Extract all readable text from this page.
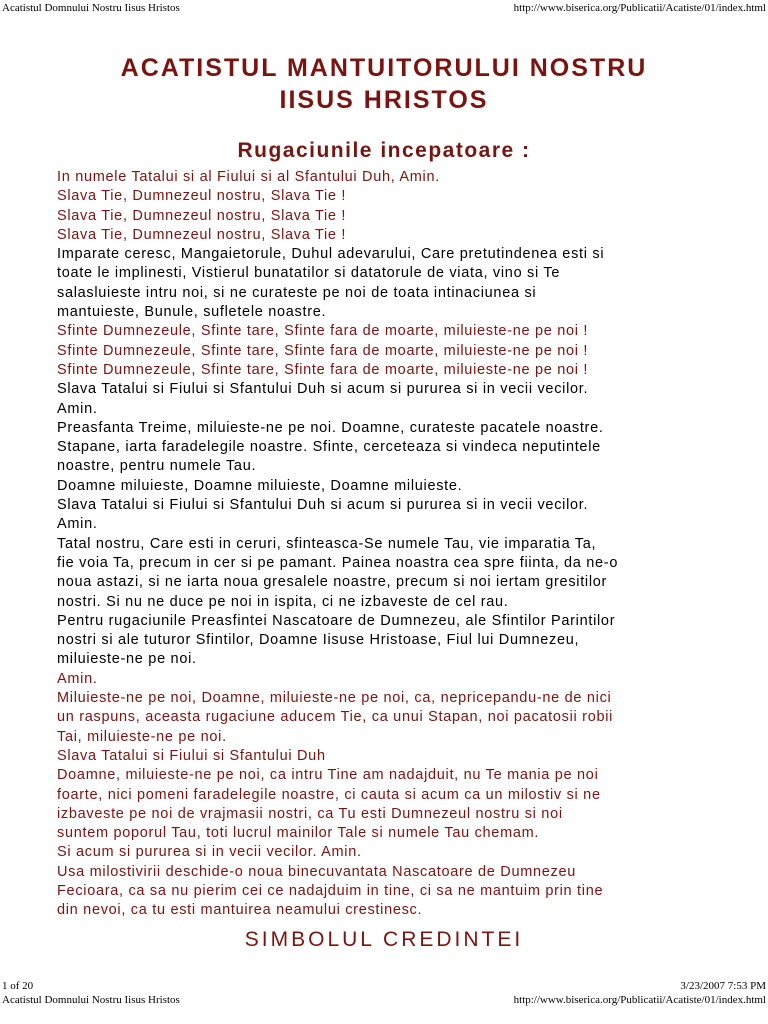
Acatistul Domnului Nostru Iisus Hristos	http://www.biserica.org/Publicatii/Acatiste/01/index.html
ACATISTUL MANTUITORULUI NOSTRU
IISUS HRISTOS
Rugaciunile incepatoare :

In numele Tatalui si al Fiului si al Sfantului Duh, Amin.

Slava Tie, Dumnezeul nostru, Slava Tie !

Slava Tie, Dumnezeul nostru, Slava Tie !

Slava Tie, Dumnezeul nostru, Slava Tie !

Imparate ceresc, Mangaietorule, Duhul adevarului, Care pretutindenea esti si
toate le implinesti, Vistierul bunatatilor si datatorule de viata, vino si Te
salasluieste intru noi, si ne curateste pe noi de toata intinaciunea si
mantuieste, Bunule, sufletele noastre.

Sfinte Dumnezeule, Sfinte tare, Sfinte fara de moarte, miluieste-ne pe noi !

Sfinte Dumnezeule, Sfinte tare, Sfinte fara de moarte, miluieste-ne pe noi !

Sfinte Dumnezeule, Sfinte tare, Sfinte fara de moarte, miluieste-ne pe noi !

Slava Tatalui si Fiului si Sfantului Duh si acum si pururea si in vecii vecilor.
Amin.

Preasfanta Treime, miluieste-ne pe noi. Doamne, curateste pacatele noastre.
Stapane, iarta faradelegile noastre. Sfinte, cerceteaza si vindeca neputintele
noastre, pentru numele Tau.

Doamne miluieste, Doamne miluieste, Doamne miluieste.

Slava Tatalui si Fiului si Sfantului Duh si acum si pururea si in vecii vecilor.
Amin.

Tatal nostru, Care esti in ceruri, sfinteasca-Se numele Tau, vie imparatia Ta,
fie voia Ta, precum in cer si pe pamant. Painea noastra cea spre fiinta, da ne-o
noua astazi, si ne iarta noua gresalele noastre, precum si noi iertam gresitilor
nostri. Si nu ne duce pe noi in ispita, ci ne izbaveste de cel rau.

Pentru rugaciunile Preasfintei Nascatoare de Dumnezeu, ale Sfintilor Parintilor
nostri si ale tuturor Sfintilor, Doamne Iisuse Hristoase, Fiul lui Dumnezeu,
miluieste-ne pe noi.

Amin.

Miluieste-ne pe noi, Doamne, miluieste-ne pe noi, ca, nepricepandu-ne de nici
un raspuns, aceasta rugaciune aducem Tie, ca unui Stapan, noi pacatosii robii
Tai, miluieste-ne pe noi.

Slava Tatalui si Fiului si Sfantului Duh

Doamne, miluieste-ne pe noi, ca intru Tine am nadajduit, nu Te mania pe noi
foarte, nici pomeni faradelegile noastre, ci cauta si acum ca un milostiv si ne
izbaveste pe noi de vrajmasii nostri, ca Tu esti Dumnezeul nostru si noi
suntem poporul Tau, toti lucrul mainilor Tale si numele Tau chemam.

Si acum si pururea si in vecii vecilor. Amin.

Usa milostivirii deschide-o noua binecuvantata Nascatoare de Dumnezeu
Fecioara, ca sa nu pierim cei ce nadajduim in tine, ci sa ne mantuim prin tine
din nevoi, ca tu esti mantuirea neamului crestinesc.

SIMBOLUL CREDINTEI
1 of 20	3/23/2007 7:53 PM
Acatistul Domnului Nostru Iisus Hristos	http://www.biserica.org/Publicatii/Acatiste/01/index.html
